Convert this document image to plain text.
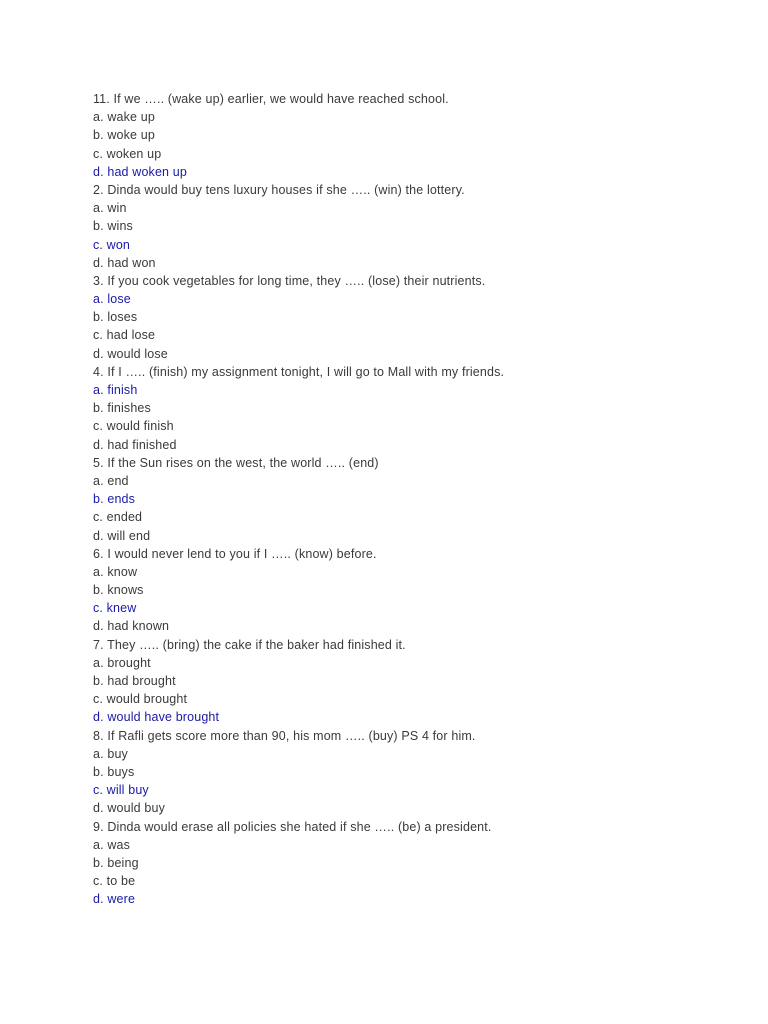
11. If we ….. (wake up) earlier, we would have reached school.
a. wake up
b. woke up
c. woken up
d. had woken up
2. Dinda would buy tens luxury houses if she ….. (win) the lottery.
a. win
b. wins
c. won
d. had won
3. If you cook vegetables for long time, they ….. (lose) their nutrients.
a. lose
b. loses
c. had lose
d. would lose
4. If I ….. (finish) my assignment tonight, I will go to Mall with my friends.
a. finish
b. finishes
c. would finish
d. had finished
5. If the Sun rises on the west, the world ….. (end)
a. end
b. ends
c. ended
d. will end
6. I would never lend to you if I ….. (know) before.
a. know
b. knows
c. knew
d. had known
7. They ….. (bring) the cake if the baker had finished it.
a. brought
b. had brought
c. would brought
d. would have brought
8. If Rafli gets score more than 90, his mom ….. (buy) PS 4 for him.
a. buy
b. buys
c. will buy
d. would buy
9. Dinda would erase all policies she hated if she ….. (be) a president.
a. was
b. being
c. to be
d. were
